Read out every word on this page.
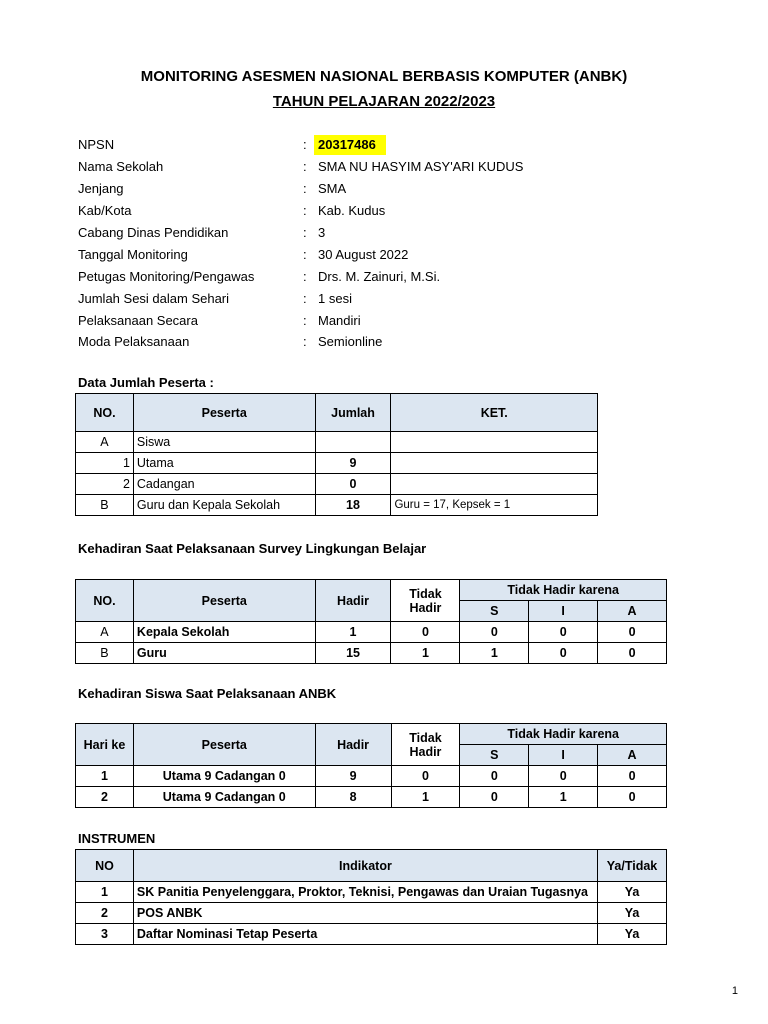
MONITORING ASESMEN NASIONAL BERBASIS KOMPUTER (ANBK)
TAHUN PELAJARAN 2022/2023
NPSN	: 20317486
Nama Sekolah	: SMA NU HASYIM ASY'ARI KUDUS
Jenjang	: SMA
Kab/Kota	: Kab. Kudus
Cabang Dinas Pendidikan	: 3
Tanggal Monitoring	: 30 August 2022
Petugas Monitoring/Pengawas	: Drs. M. Zainuri, M.Si.
Jumlah Sesi dalam Sehari	: 1 sesi
Pelaksanaan Secara	: Mandiri
Moda Pelaksanaan	: Semionline
Data Jumlah Peserta :
NO.	Peserta	Jumlah	KET.
A	Siswa		
1	Utama	9	
2	Cadangan	0	
B	Guru dan Kepala Sekolah	18	Guru = 17, Kepsek = 1
Kehadiran Saat Pelaksanaan Survey Lingkungan Belajar
NO.	Peserta	Hadir	Tidak Hadir	Tidak Hadir karena		
				S	I	A
A	Kepala Sekolah	1	0	0	0	0
B	Guru	15	1	1	0	0
Kehadiran Siswa Saat Pelaksanaan ANBK
Hari ke	Peserta	Hadir	Tidak Hadir	Tidak Hadir karena		
				S	I	A
1	Utama 9 Cadangan 0	9	0	0	0	0
2	Utama 9 Cadangan 0	8	1	0	1	0
INSTRUMEN
NO	Indikator	Ya/Tidak
1	SK Panitia Penyelenggara, Proktor, Teknisi, Pengawas dan Uraian Tugasnya	Ya
2	POS ANBK	Ya
3	Daftar Nominasi Tetap Peserta	Ya
1
